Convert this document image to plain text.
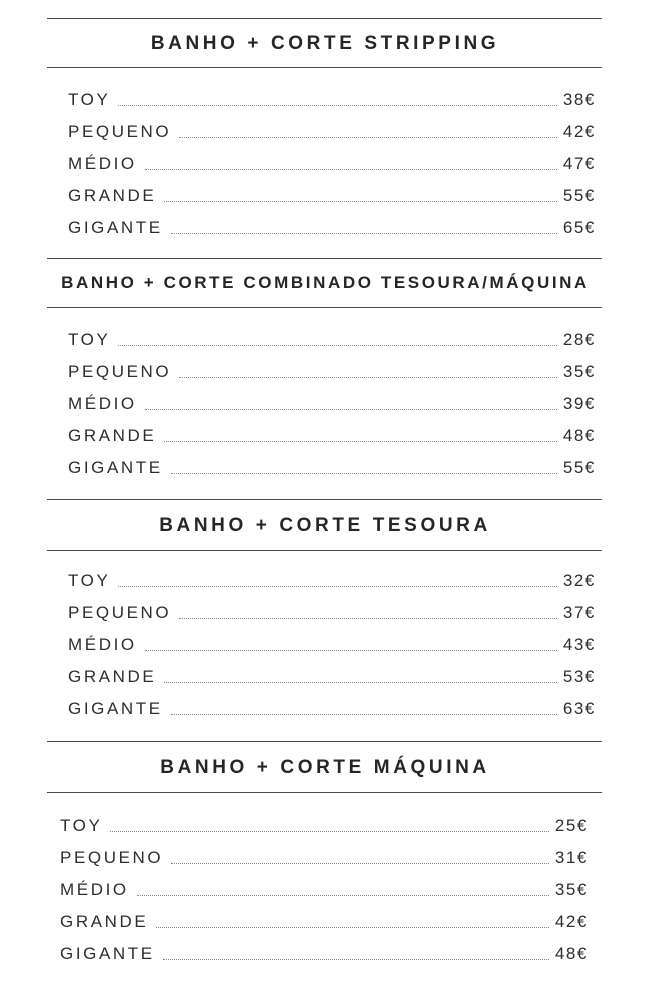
BANHO + CORTE STRIPPING
TOY	38€
PEQUENO	42€
MÉDIO	47€
GRANDE	55€
GIGANTE	65€
BANHO + CORTE COMBINADO TESOURA/MÁQUINA
TOY	28€
PEQUENO	35€
MÉDIO	39€
GRANDE	48€
GIGANTE	55€
BANHO + CORTE TESOURA
TOY	32€
PEQUENO	37€
MÉDIO	43€
GRANDE	53€
GIGANTE	63€
BANHO + CORTE MÁQUINA
TOY	25€
PEQUENO	31€
MÉDIO	35€
GRANDE	42€
GIGANTE	48€
